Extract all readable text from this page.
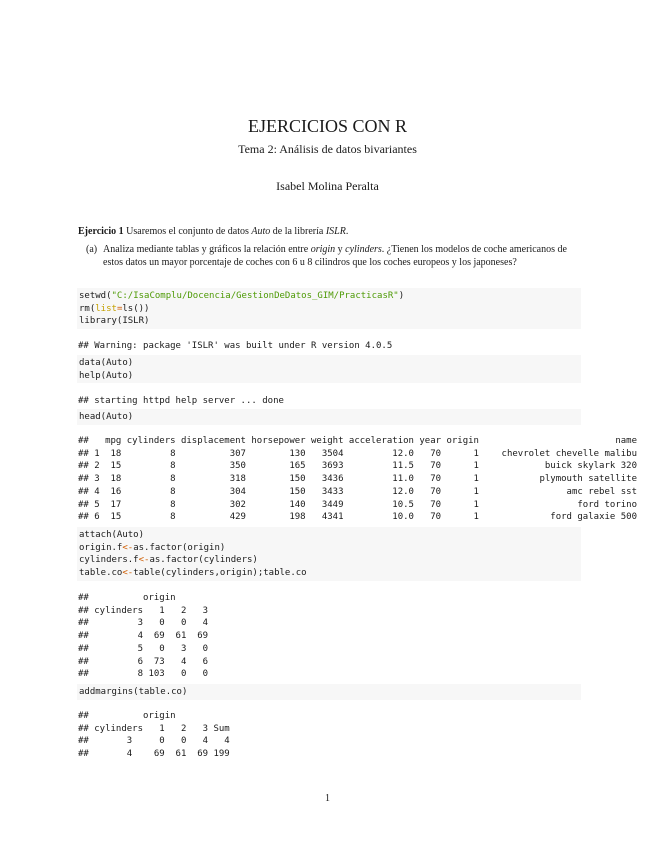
EJERCICIOS CON R
Tema 2: Análisis de datos bivariantes
Isabel Molina Peralta
Ejercicio 1 Usaremos el conjunto de datos Auto de la librería ISLR.
(a) Analiza mediante tablas y gráficos la relación entre origin y cylinders. ¿Tienen los modelos de coche americanos de estos datos un mayor porcentaje de coches con 6 u 8 cilindros que los coches europeos y los japoneses?
setwd("C:/IsaComplu/Docencia/GestionDeDatos_GIM/PracticasR")
rm(list=ls())
library(ISLR)
## Warning: package 'ISLR' was built under R version 4.0.5
data(Auto)
help(Auto)
## starting httpd help server ... done
head(Auto)
##   mpg cylinders displacement horsepower weight acceleration year origin	name

## 1  18         8          307        130   3504         12.0   70      1	chevrolet chevelle malibu

## 2  15         8          350        165   3693         11.5   70      1	buick skylark 320

## 3  18         8          318        150   3436         11.0   70      1	plymouth satellite

## 4  16         8          304        150   3433         12.0   70      1	amc rebel sst

## 5  17         8          302        140   3449         10.5   70      1	ford torino

## 6  15         8          429        198   4341         10.0   70      1	ford galaxie 500
attach(Auto)
origin.f<-as.factor(origin)
cylinders.f<-as.factor(cylinders)
table.co<-table(cylinders,origin);table.co
##          origin
## cylinders   1   2   3
##         3   0   0   4
##         4  69  61  69
##         5   0   3   0
##         6  73   4   6
##         8 103   0   0
addmargins(table.co)
##          origin
## cylinders   1   2   3 Sum
##       3     0   0   4   4
##       4    69  61  69 199
1
